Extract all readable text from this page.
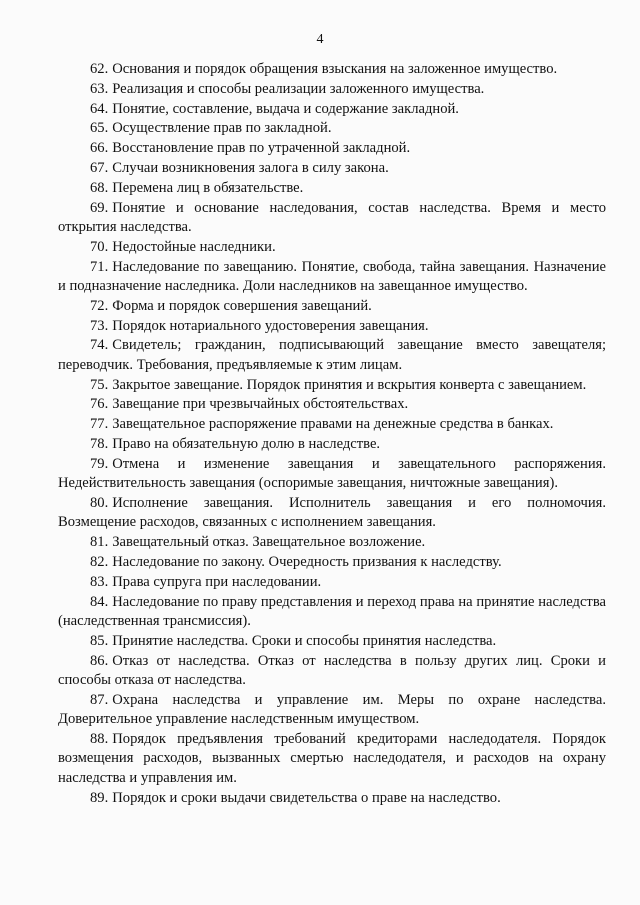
4

62. Основания и порядок обращения взыскания на заложенное имущество.

63. Реализация и способы реализации заложенного имущества.

64. Понятие, составление, выдача и содержание закладной.

65. Осуществление прав по закладной.

66. Восстановление прав по утраченной закладной.

67. Случаи возникновения залога в силу закона.

68. Перемена лиц в обязательстве.

69. Понятие и основание наследования, состав наследства. Время и место открытия наследства.

70. Недостойные наследники.

71. Наследование по завещанию. Понятие, свобода, тайна завещания. Назначение и подназначение наследника. Доли наследников на завещанное имущество.

72. Форма и порядок совершения завещаний.

73. Порядок нотариального удостоверения завещания.

74. Свидетель; гражданин, подписывающий завещание вместо завещателя; переводчик. Требования, предъявляемые к этим лицам.

75. Закрытое завещание. Порядок принятия и вскрытия конверта с завещанием.

76. Завещание при чрезвычайных обстоятельствах.

77. Завещательное распоряжение правами на денежные средства в банках.

78. Право на обязательную долю в наследстве.

79. Отмена и изменение завещания и завещательного распоряжения. Недействительность завещания (оспоримые завещания, ничтожные завещания).

80. Исполнение завещания. Исполнитель завещания и его полномочия. Возмещение расходов, связанных с исполнением завещания.

81. Завещательный отказ. Завещательное возложение.

82. Наследование по закону. Очередность призвания к наследству.

83. Права супруга при наследовании.

84. Наследование по праву представления и переход права на принятие наследства (наследственная трансмиссия).

85. Принятие наследства. Сроки и способы принятия наследства.

86. Отказ от наследства. Отказ от наследства в пользу других лиц. Сроки и способы отказа от наследства.

87. Охрана наследства и управление им. Меры по охране наследства. Доверительное управление наследственным имуществом.

88. Порядок предъявления требований кредиторами наследодателя. Порядок возмещения расходов, вызванных смертью наследодателя, и расходов на охрану наследства и управления им.

89. Порядок и сроки выдачи свидетельства о праве на наследство.
